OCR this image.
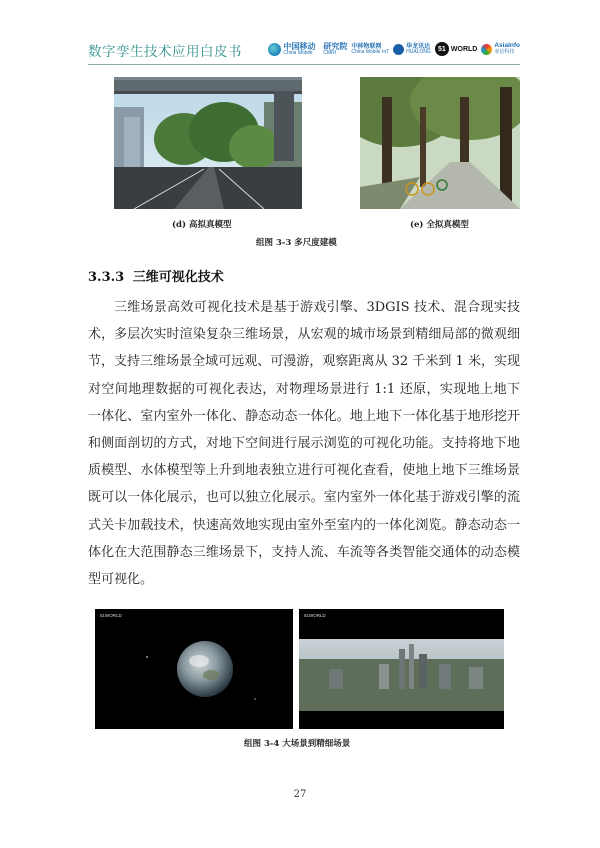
数字孪生技术应用白皮书	中国移动
China Mobile
研究院
CMRI
中移物联网
China Mobile IoT
华龙讯达
HUALONG	51 WORLD	AsiaInfo
亚信科技
(d) 高拟真模型	(e) 全拟真模型
组图 3-3 多尺度建模
3.3.3 三维可视化技术

三维场景高效可视化技术是基于游戏引擎、3DGIS 技术、混合现实技术，多层次实时渲染复杂三维场景，从宏观的城市场景到精细局部的微观细节，支持三维场景全域可远观、可漫游，观察距离从 32 千米到 1 米，实现对空间地理数据的可视化表达，对物理场景进行 1:1 还原，实现地上地下一体化、室内室外一体化、静态动态一体化。地上地下一体化基于地形挖开和侧面剖切的方式，对地下空间进行展示浏览的可视化功能。支持将地下地质模型、水体模型等上升到地表独立进行可视化查看，使地上地下三维场景既可以一体化展示，也可以独立化展示。室内室外一体化基于游戏引擎的流式关卡加载技术，快速高效地实现由室外至室内的一体化浏览。静态动态一体化在大范围静态三维场景下，支持人流、车流等各类智能交通体的动态模型可视化。

51WORLD	51WORLD
组图 3-4 大场景到精细场景
27
